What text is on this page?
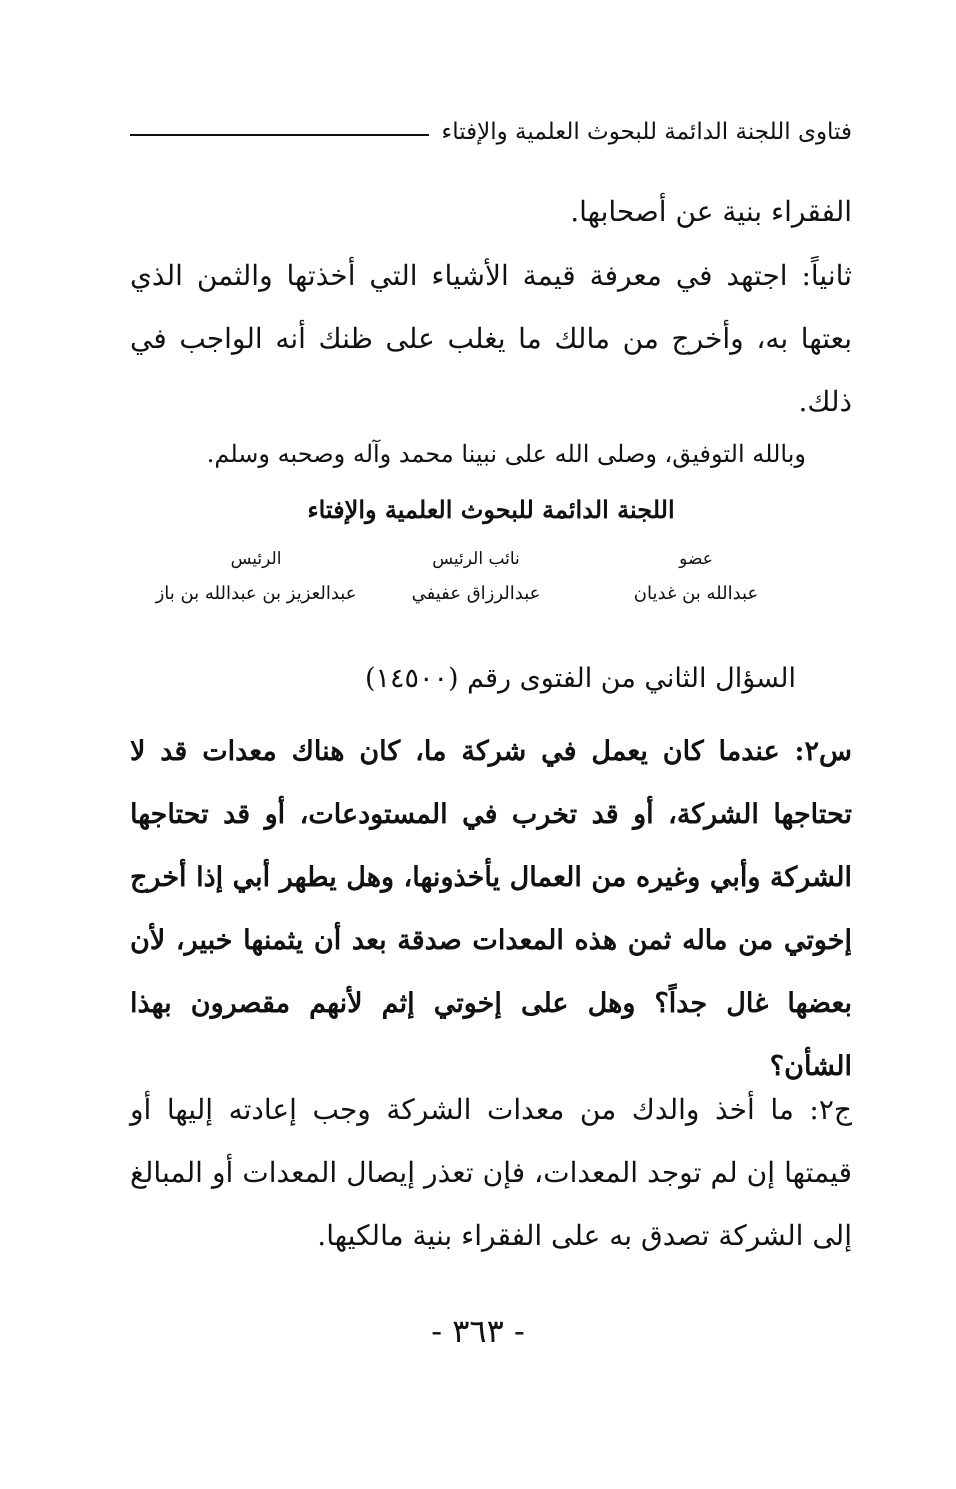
فتاوى اللجنة الدائمة للبحوث العلمية والإفتاء
الفقراء بنية عن أصحابها.
ثانياً: اجتهد في معرفة قيمة الأشياء التي أخذتها والثمن الذي بعتها به، وأخرج من مالك ما يغلب على ظنك أنه الواجب في ذلك.
وبالله التوفيق، وصلى الله على نبينا محمد وآله وصحبه وسلم.
اللجنة الدائمة للبحوث العلمية والإفتاء
عضو
عبدالله بن غديان
نائب الرئيس
عبدالرزاق عفيفي
الرئيس
عبدالعزيز بن عبدالله بن باز
السؤال الثاني من الفتوى رقم (١٤٥٠٠)
س٢: عندما كان يعمل في شركة ما، كان هناك معدات قد لا تحتاجها الشركة، أو قد تخرب في المستودعات، أو قد تحتاجها الشركة وأبي وغيره من العمال يأخذونها، وهل يطهر أبي إذا أخرج إخوتي من ماله ثمن هذه المعدات صدقة بعد أن يثمنها خبير، لأن بعضها غال جداً؟ وهل على إخوتي إثم لأنهم مقصرون بهذا الشأن؟
ج٢: ما أخذ والدك من معدات الشركة وجب إعادته إليها أو قيمتها إن لم توجد المعدات، فإن تعذر إيصال المعدات أو المبالغ إلى الشركة تصدق به على الفقراء بنية مالكيها.
- ٣٦٣ -
